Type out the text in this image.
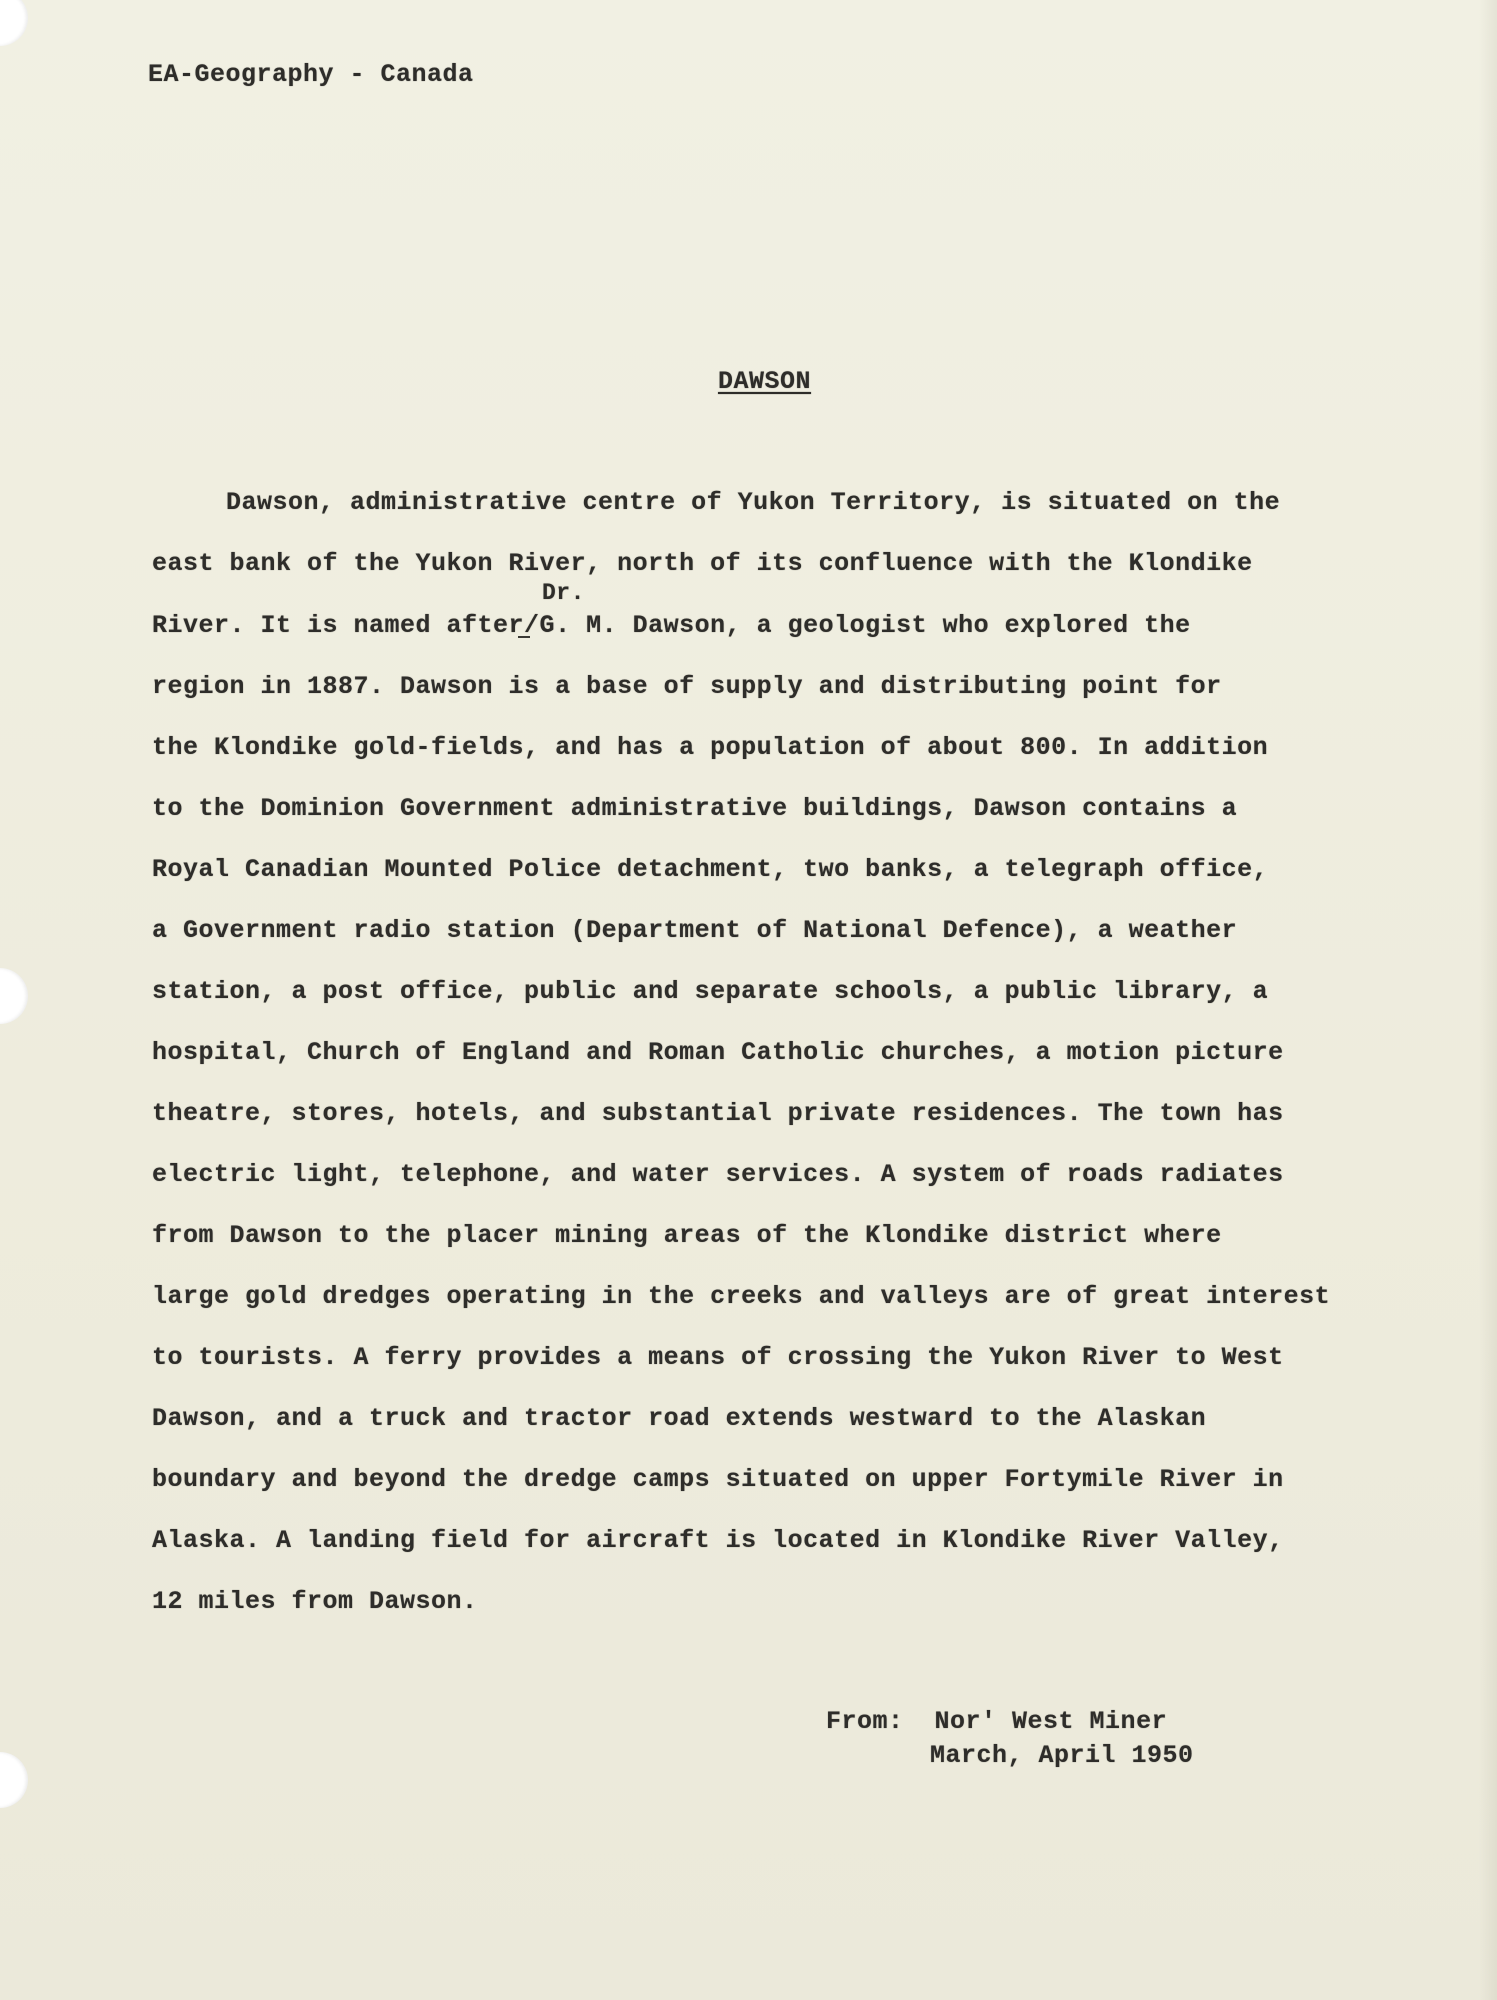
EA-Geography - Canada
DAWSON
Dr.
Dawson, administrative centre of Yukon Territory, is situated on the
east bank of the Yukon River, north of its confluence with the Klondike
River. It is named after/G. M. Dawson, a geologist who explored the
region in 1887. Dawson is a base of supply and distributing point for
the Klondike gold-fields, and has a population of about 800. In addition
to the Dominion Government administrative buildings, Dawson contains a
Royal Canadian Mounted Police detachment, two banks, a telegraph office,
a Government radio station (Department of National Defence), a weather
station, a post office, public and separate schools, a public library, a
hospital, Church of England and Roman Catholic churches, a motion picture
theatre, stores, hotels, and substantial private residences. The town has
electric light, telephone, and water services. A system of roads radiates
from Dawson to the placer mining areas of the Klondike district where
large gold dredges operating in the creeks and valleys are of great interest
to tourists. A ferry provides a means of crossing the Yukon River to West
Dawson, and a truck and tractor road extends westward to the Alaskan
boundary and beyond the dredge camps situated on upper Fortymile River in
Alaska. A landing field for aircraft is located in Klondike River Valley,
12 miles from Dawson.
From: Nor' West Miner
March, April 1950
